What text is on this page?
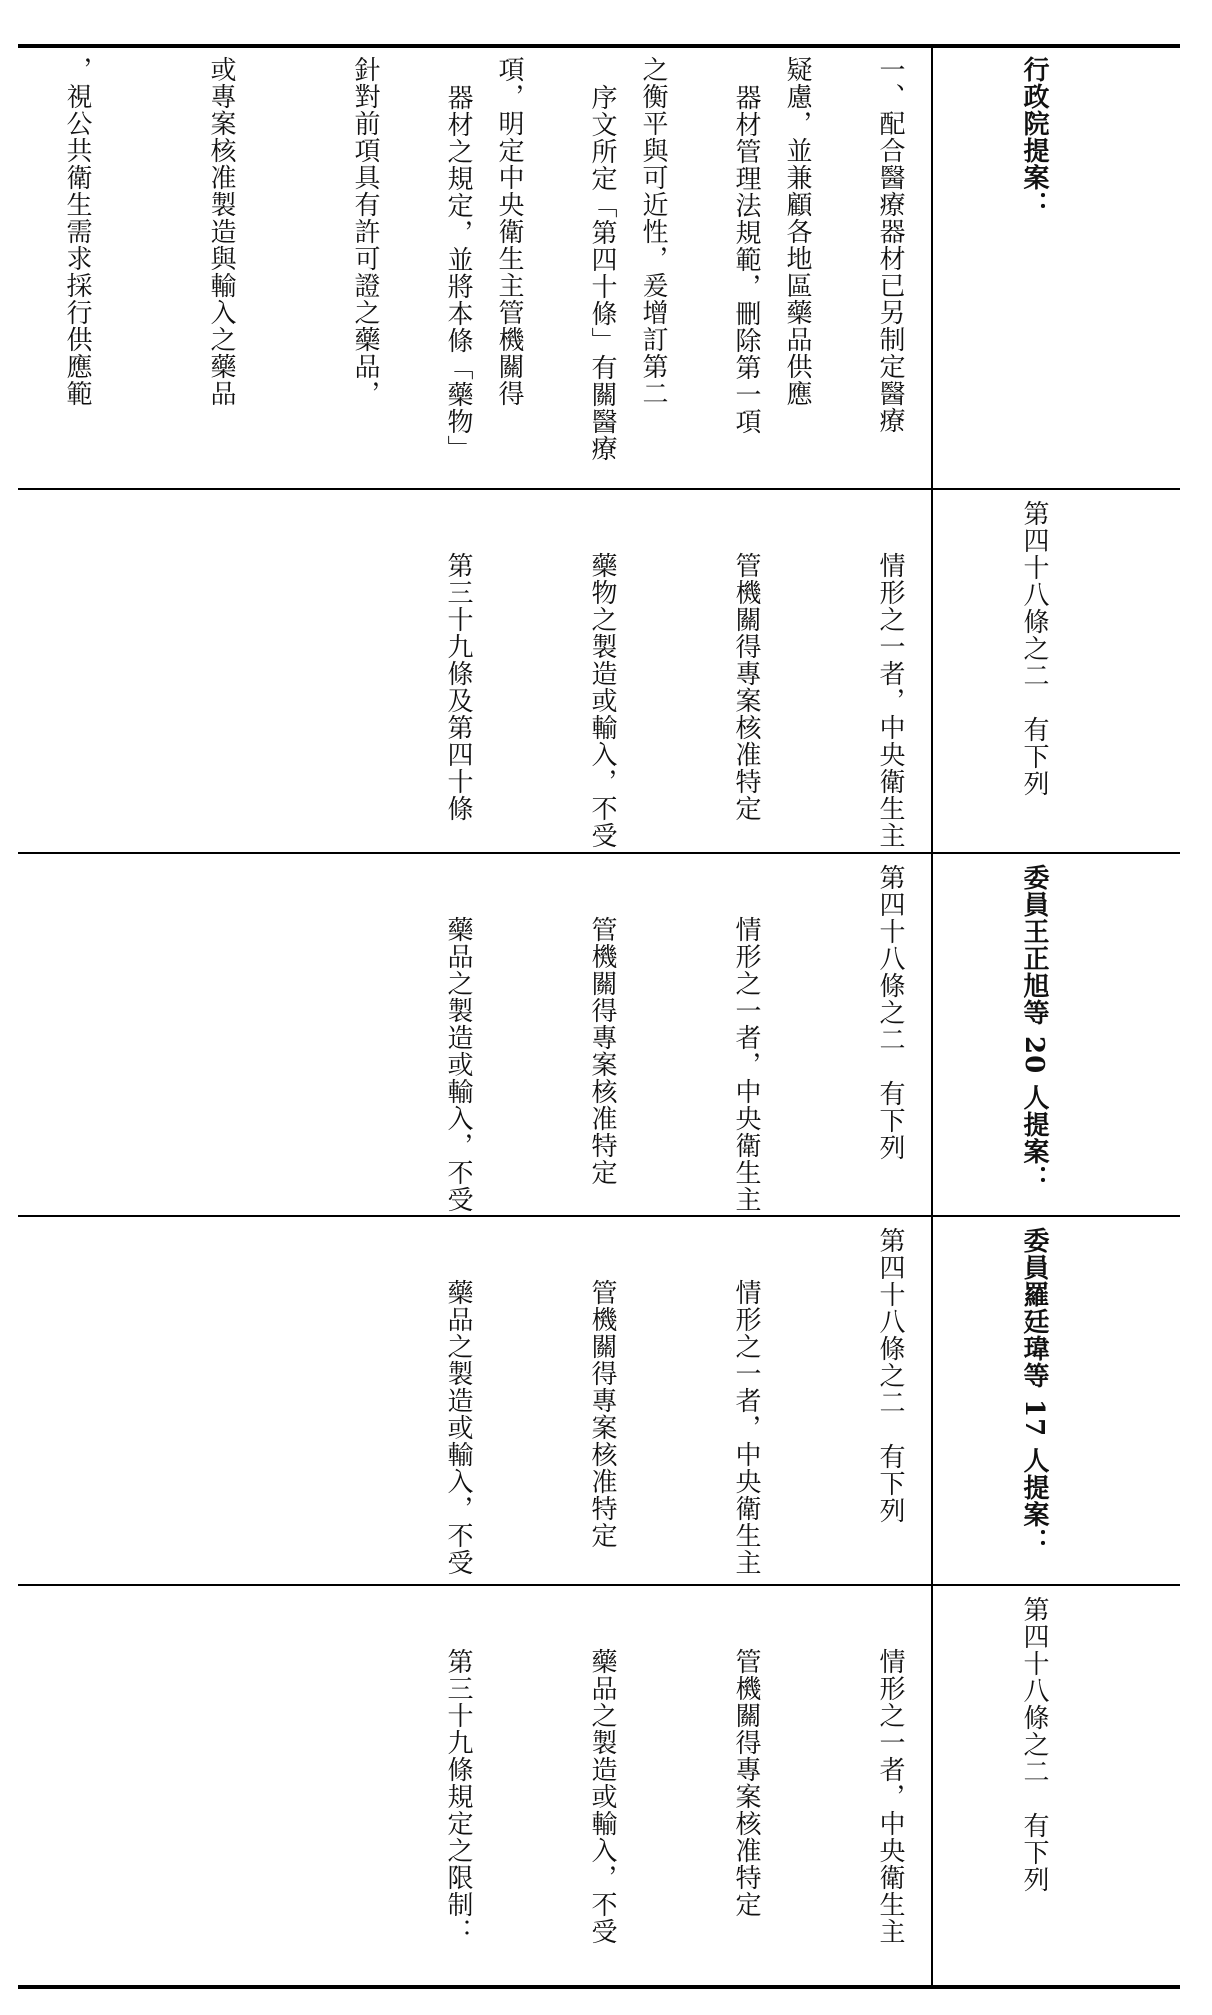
疑慮，並兼顧各地區藥品供應

之衡平與可近性，爰增訂第二

項，明定中央衛生主管機關得

針對前項具有許可證之藥品，

或專案核准製造與輸入之藥品

，視公共衛生需求採行供應範

	行政院提案：

一、配合醫療器材已另制定醫療

器材管理法規範，刪除第一項

序文所定「第四十條」有關醫療

器材之規定，並將本條「藥物」

第四十八條之二　有下列

情形之一者，中央衛生主

管機關得專案核准特定

藥物之製造或輸入，不受

第三十九條及第四十條

委員王正旭等 20 人提案：

第四十八條之二　有下列

情形之一者，中央衛生主

管機關得專案核准特定

藥品之製造或輸入，不受

委員羅廷瑋等 17 人提案：

第四十八條之二　有下列

情形之一者，中央衛生主

管機關得專案核准特定

藥品之製造或輸入，不受

第四十八條之二　有下列

情形之一者，中央衛生主

管機關得專案核准特定

藥品之製造或輸入，不受

第三十九條規定之限制：
